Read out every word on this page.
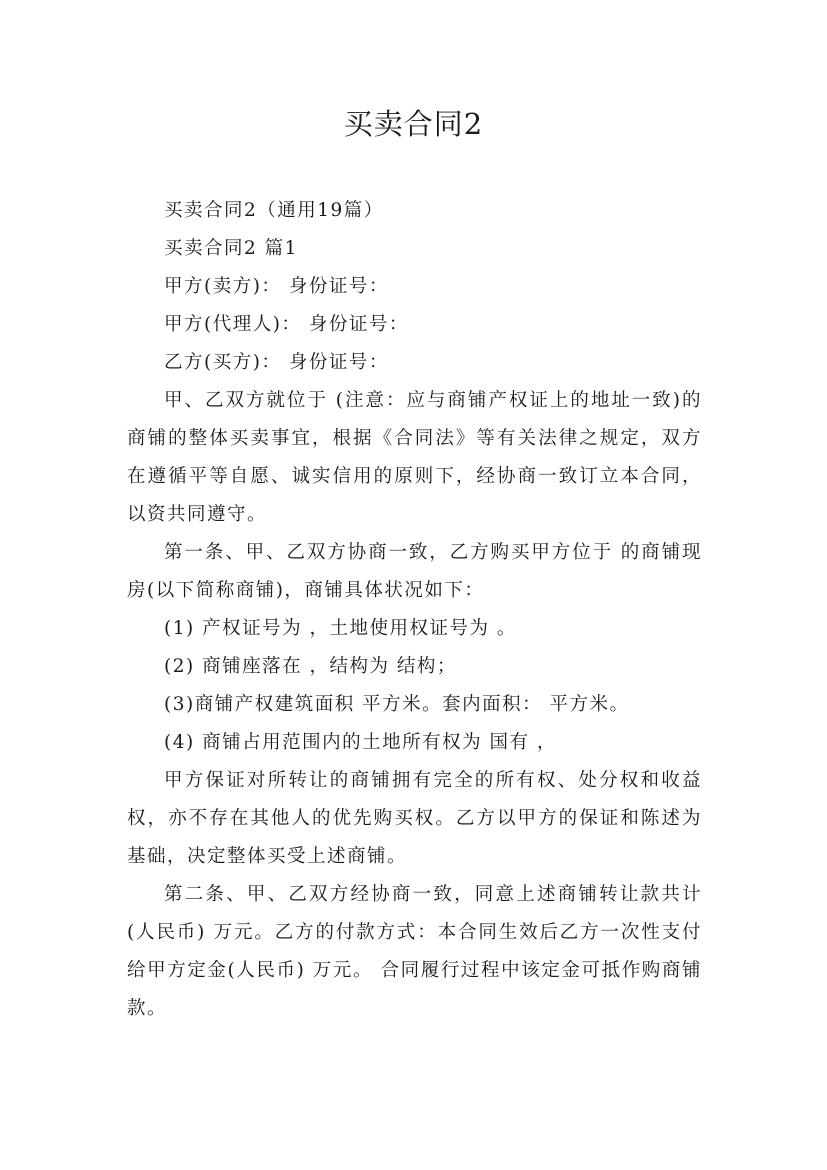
买卖合同2

买卖合同2（通用19篇）

买卖合同2 篇1

甲方(卖方)： 身份证号：

甲方(代理人)： 身份证号：

乙方(买方)： 身份证号：

甲、乙双方就位于 (注意：应与商铺产权证上的地址一致)的商铺的整体买卖事宜，根据《合同法》等有关法律之规定，双方在遵循平等自愿、诚实信用的原则下，经协商一致订立本合同，以资共同遵守。

第一条、甲、乙双方协商一致，乙方购买甲方位于 的商铺现房(以下简称商铺)，商铺具体状况如下：

(1) 产权证号为 ，土地使用权证号为 。

(2) 商铺座落在 ，结构为 结构；

(3)商铺产权建筑面积 平方米。套内面积： 平方米。

(4) 商铺占用范围内的土地所有权为 国有 ，

甲方保证对所转让的商铺拥有完全的所有权、处分权和收益权，亦不存在其他人的优先购买权。乙方以甲方的保证和陈述为基础，决定整体买受上述商铺。

第二条、甲、乙双方经协商一致，同意上述商铺转让款共计(人民币) 万元。乙方的付款方式：本合同生效后乙方一次性支付给甲方定金(人民币) 万元。 合同履行过程中该定金可抵作购商铺款。
